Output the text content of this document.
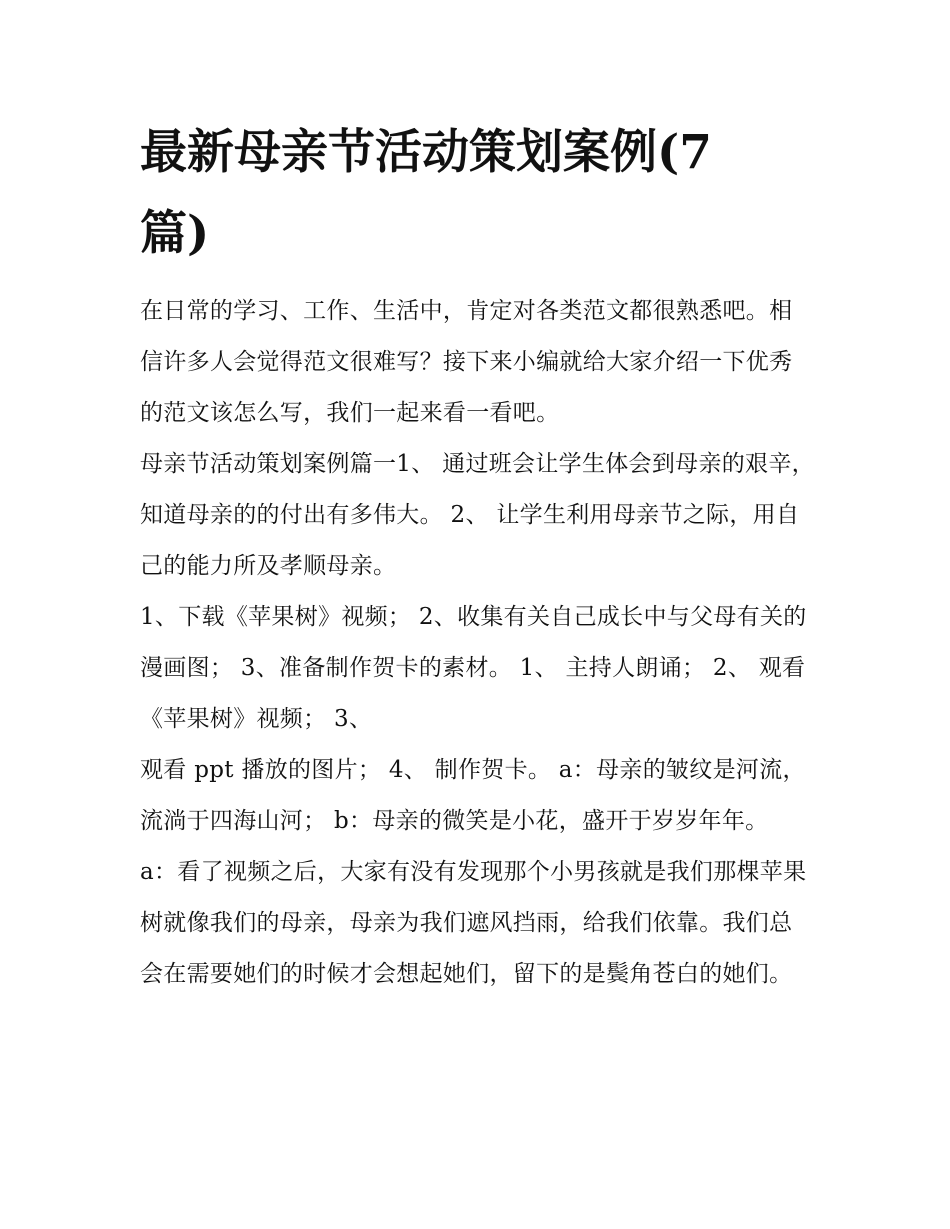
最新母亲节活动策划案例(7篇)

在日常的学习、工作、生活中，肯定对各类范文都很熟悉吧。相信许多人会觉得范文很难写？接下来小编就给大家介绍一下优秀的范文该怎么写，我们一起来看一看吧。

母亲节活动策划案例篇一1、 通过班会让学生体会到母亲的艰辛，知道母亲的的付出有多伟大。 2、 让学生利用母亲节之际，用自己的能力所及孝顺母亲。

1、下载《苹果树》视频； 2、收集有关自己成长中与父母有关的漫画图； 3、准备制作贺卡的素材。 1、 主持人朗诵； 2、 观看《苹果树》视频； 3、

观看 ppt 播放的图片； 4、 制作贺卡。 a：母亲的皱纹是河流，流淌于四海山河； b：母亲的微笑是小花，盛开于岁岁年年。

a：看了视频之后，大家有没有发现那个小男孩就是我们那棵苹果树就像我们的母亲，母亲为我们遮风挡雨，给我们依靠。我们总会在需要她们的时候才会想起她们，留下的是鬓角苍白的她们。
